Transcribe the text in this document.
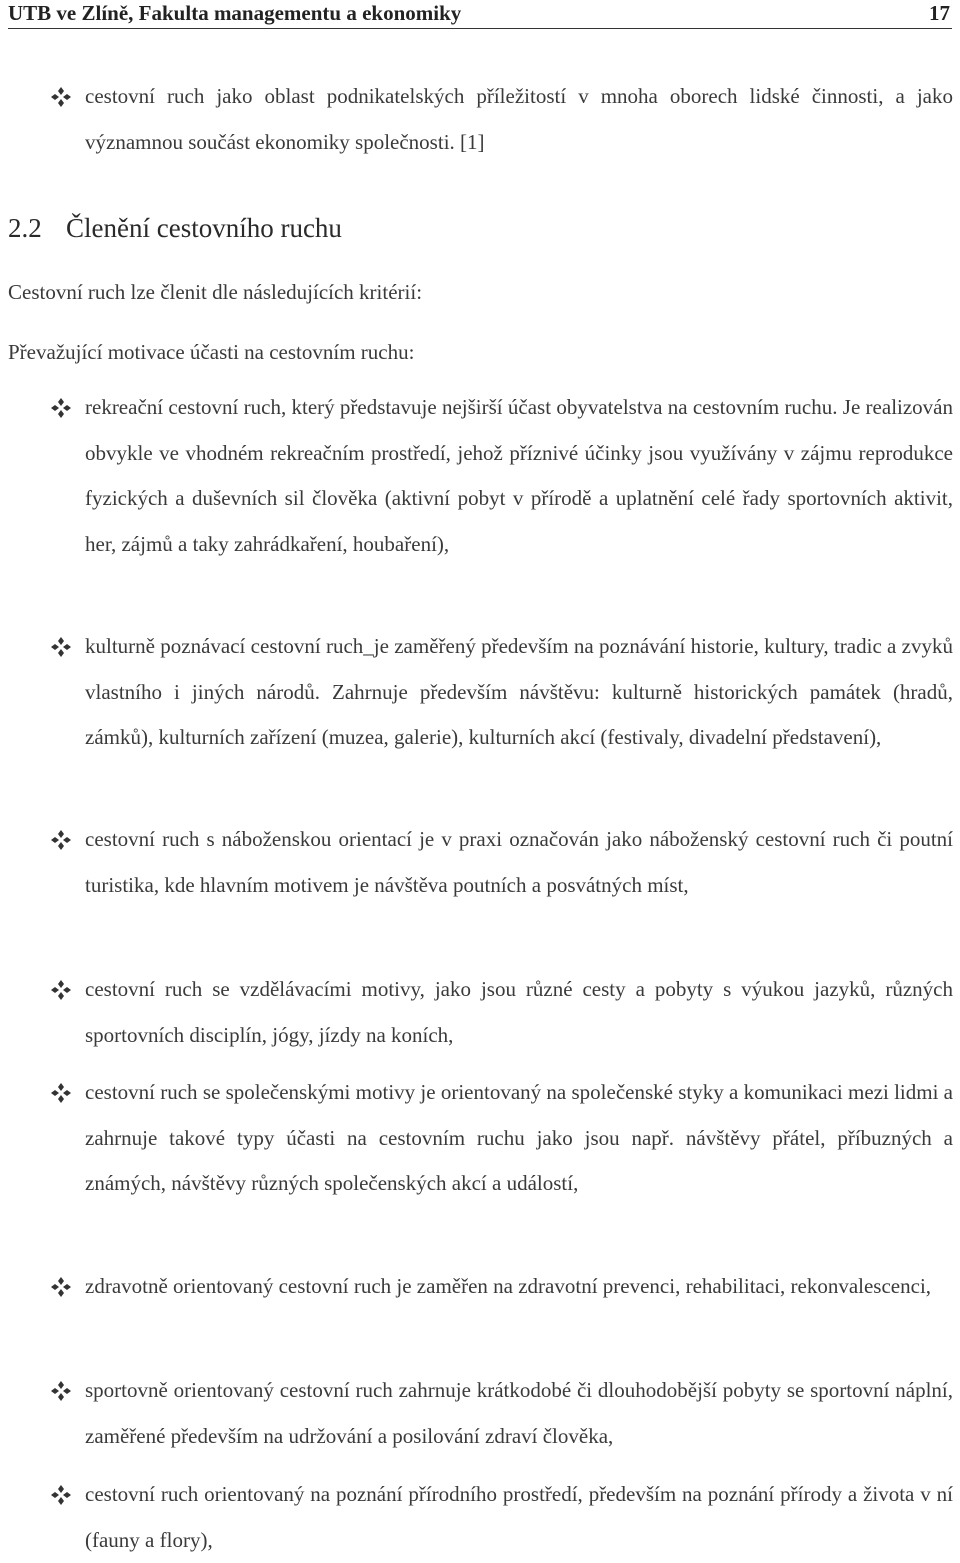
UTB ve Zlíně, Fakulta managementu a ekonomiky	17
cestovní ruch jako oblast podnikatelských příležitostí v mnoha oborech lidské činnosti, a jako významnou součást ekonomiky společnosti. [1]
2.2 Členění cestovního ruchu
Cestovní ruch lze členit dle následujících kritérií:
Převažující motivace účasti na cestovním ruchu:
rekreační cestovní ruch, který představuje nejširší účast obyvatelstva na cestovním ruchu. Je realizován obvykle ve vhodném rekreačním prostředí, jehož příznivé účinky jsou využívány v zájmu reprodukce fyzických a duševních sil člověka (aktivní pobyt v přírodě a uplatnění celé řady sportovních aktivit, her, zájmů a taky zahrádkaření, houbaření),
kulturně poznávací cestovní ruch_je zaměřený především na poznávání historie, kultury, tradic a zvyků vlastního i jiných národů. Zahrnuje především návštěvu: kulturně historických památek (hradů, zámků), kulturních zařízení (muzea, galerie), kulturních akcí (festivaly, divadelní představení),
cestovní ruch s náboženskou orientací je v praxi označován jako náboženský cestovní ruch či poutní turistika, kde hlavním motivem je návštěva poutních a posvátných míst,
cestovní ruch se vzdělávacími motivy, jako jsou různé cesty a pobyty s výukou jazyků, různých sportovních disciplín, jógy, jízdy na koních,
cestovní ruch se společenskými motivy je orientovaný na společenské styky a komunikaci mezi lidmi a zahrnuje takové typy účasti na cestovním ruchu jako jsou např. návštěvy přátel, příbuzných a známých, návštěvy různých společenských akcí a událostí,
zdravotně orientovaný cestovní ruch je zaměřen na zdravotní prevenci, rehabilitaci, rekonvalescenci,
sportovně orientovaný cestovní ruch zahrnuje krátkodobé či dlouhodobější pobyty se sportovní náplní, zaměřené především na udržování a posilování zdraví člověka,
cestovní ruch orientovaný na poznání přírodního prostředí, především na poznání přírody a života v ní (fauny a flory),
